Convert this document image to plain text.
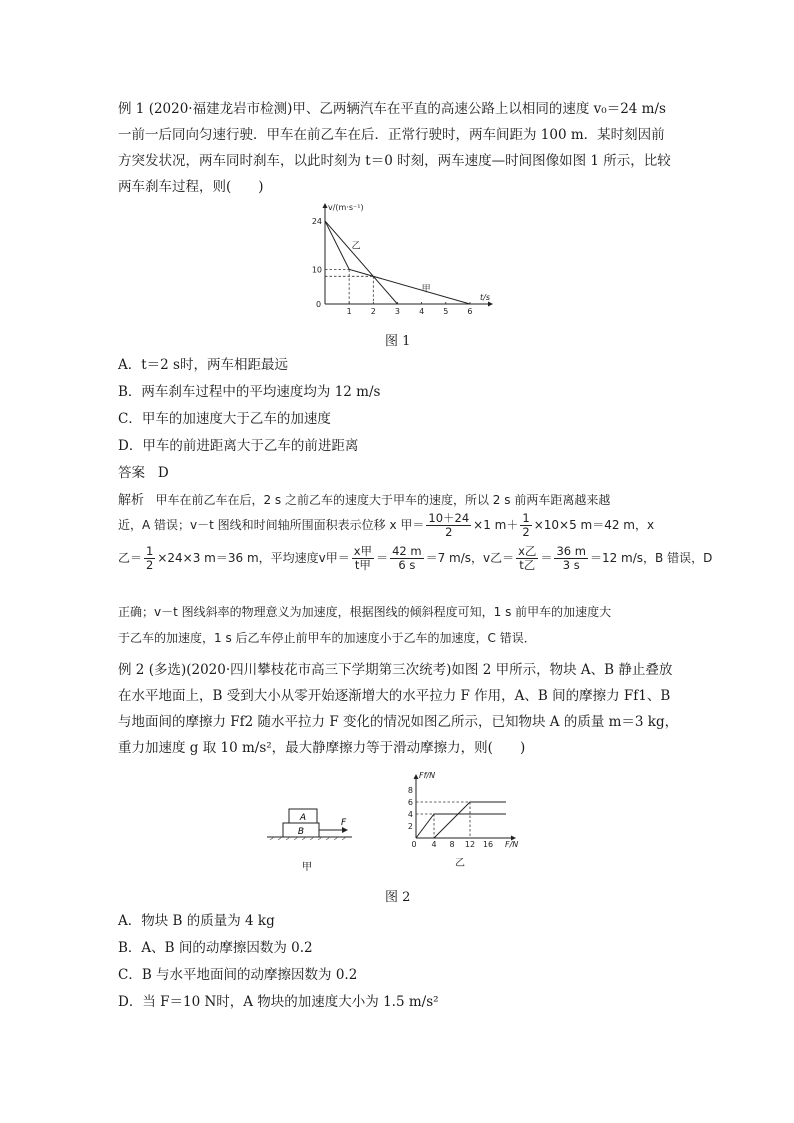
例 1 (2020·福建龙岩市检测)甲、乙两辆汽车在平直的高速公路上以相同的速度 v₀＝24 m/s
一前一后同向匀速行驶．甲车在前乙车在后．正常行驶时，两车间距为 100 m．某时刻因前
方突发状况，两车同时刹车，以此时刻为 t＝0 时刻，两车速度—时间图像如图 1 所示，比较
两车刹车过程，则(　　)
1 2 3 4 5 6
10
24
v/(m·s⁻¹)
t/s
甲
乙
0
图 1
A．t＝2 s时，两车相距最远
B．两车刹车过程中的平均速度均为 12 m/s
C．甲车的加速度大于乙车的加速度
D．甲车的前进距离大于乙车的前进距离
答案 D
解析 甲车在前乙车在后，2 s 之前乙车的速度大于甲车的速度，所以 2 s 前两车距离越来越
近，A 错误；v－t 图线和时间轴所围面积表示位移 x 甲＝ $\frac{10+24}{2} \times 1$ $m+ \frac{1}{2} \times 10\times 5$ m＝42 m，x
乙＝ $\frac{1}{2} \times 24\times 3$ m＝36 m，平均速度v甲＝ $\frac{\text{x甲}}{\text{t甲}} = \frac{42 m}{6 s} =7$ m/s，v乙＝ $\frac{\text{x乙}}{\text{t乙}} = \frac{36 m}{3 s} =12$ m/s，B 错误，D
正确；v－t 图线斜率的物理意义为加速度，根据图线的倾斜程度可知，1 s 前甲车的加速度大
于乙车的加速度，1 s 后乙车停止前甲车的加速度小于乙车的加速度，C 错误．
例 2 (多选)(2020·四川攀枝花市高三下学期第三次统考)如图 2 甲所示，物块 A、B 静止叠放
在水平地面上，B 受到大小从零开始逐渐增大的水平拉力 F 作用，A、B 间的摩擦力 Ff1、B
与地面间的摩擦力 Ff2 随水平拉力 F 变化的情况如图乙所示，已知物块 A 的质量 m＝3 kg，
重力加速度 g 取 10 m/s²，最大静摩擦力等于滑动摩擦力，则(　　)
A
B
F
甲
0 4 8 12 16
2
4
6
8
Ff/N
F/N
乙
图 2
A．物块 B 的质量为 4 kg
B．A、B 间的动摩擦因数为 0.2
C．B 与水平地面间的动摩擦因数为 0.2
D．当 F＝10 N时，A 物块的加速度大小为 1.5 m/s²
